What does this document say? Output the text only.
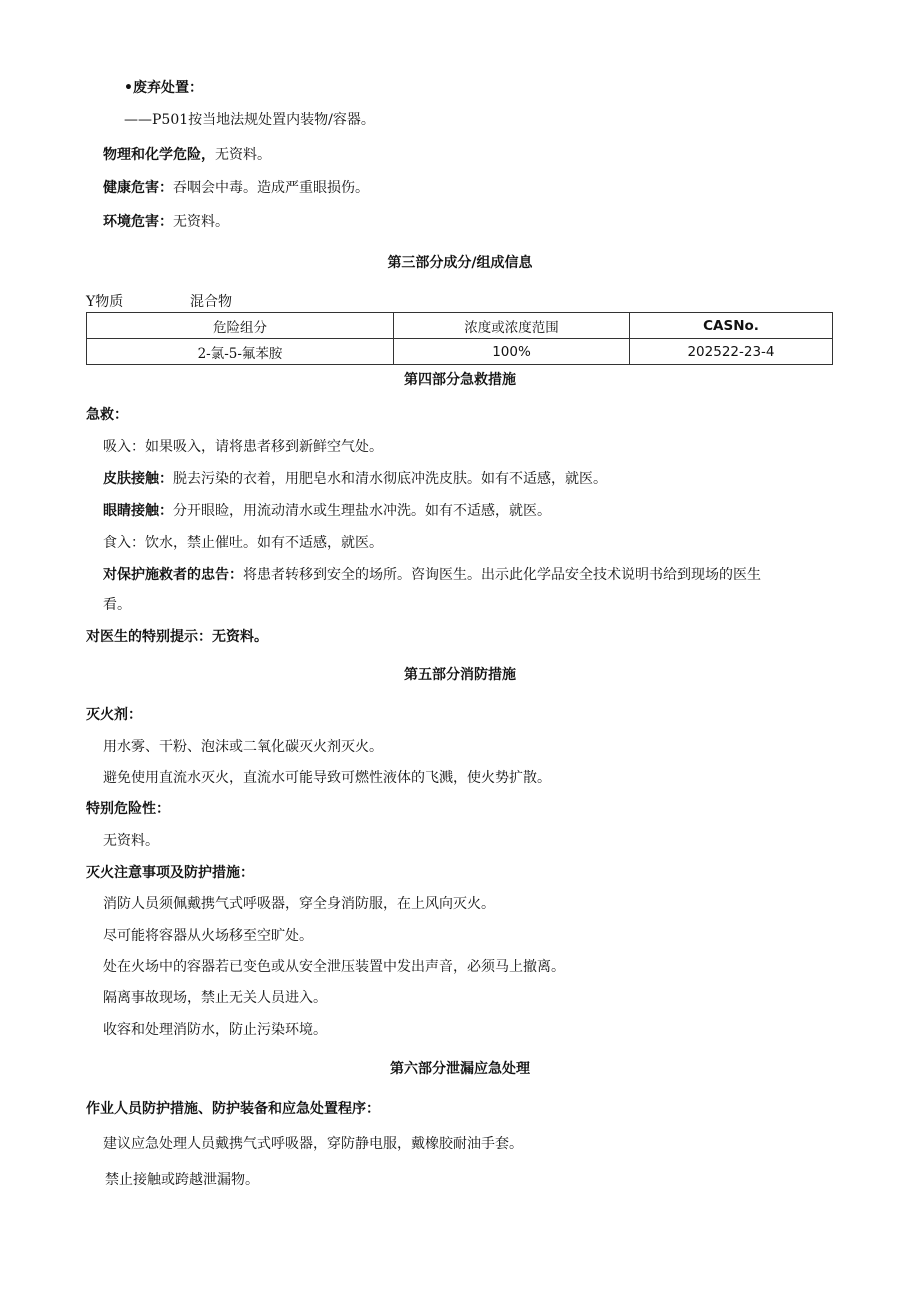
•废弃处置：
——P501按当地法规处置内装物/容器。
物理和化学危险，无资料。
健康危害：吞咽会中毒。造成严重眼损伤。
环境危害：无资料。
第三部分成分/组成信息
Y物质	混合物
危险组分	浓度或浓度范围	CASNo.
2-氯-5-氟苯胺	100%	202522-23-4
第四部分急救措施
急救：
吸入：如果吸入，请将患者移到新鲜空气处。
皮肤接触：脱去污染的衣着，用肥皂水和清水彻底冲洗皮肤。如有不适感，就医。
眼睛接触：分开眼睑，用流动清水或生理盐水冲洗。如有不适感，就医。
食入：饮水，禁止催吐。如有不适感，就医。
对保护施救者的忠告：将患者转移到安全的场所。咨询医生。出示此化学品安全技术说明书给到现场的医生
看。
对医生的特别提示：无资料。
第五部分消防措施
灭火剂：
用水雾、干粉、泡沫或二氧化碳灭火剂灭火。
避免使用直流水灭火，直流水可能导致可燃性液体的飞溅，使火势扩散。
特别危险性：
无资料。
灭火注意事项及防护措施：
消防人员须佩戴携气式呼吸器，穿全身消防服，在上风向灭火。
尽可能将容器从火场移至空旷处。
处在火场中的容器若已变色或从安全泄压装置中发出声音，必须马上撤离。
隔离事故现场，禁止无关人员进入。
收容和处理消防水，防止污染环境。
第六部分泄漏应急处理
作业人员防护措施、防护装备和应急处置程序：
建议应急处理人员戴携气式呼吸器，穿防静电服，戴橡胶耐油手套。
禁止接触或跨越泄漏物。
